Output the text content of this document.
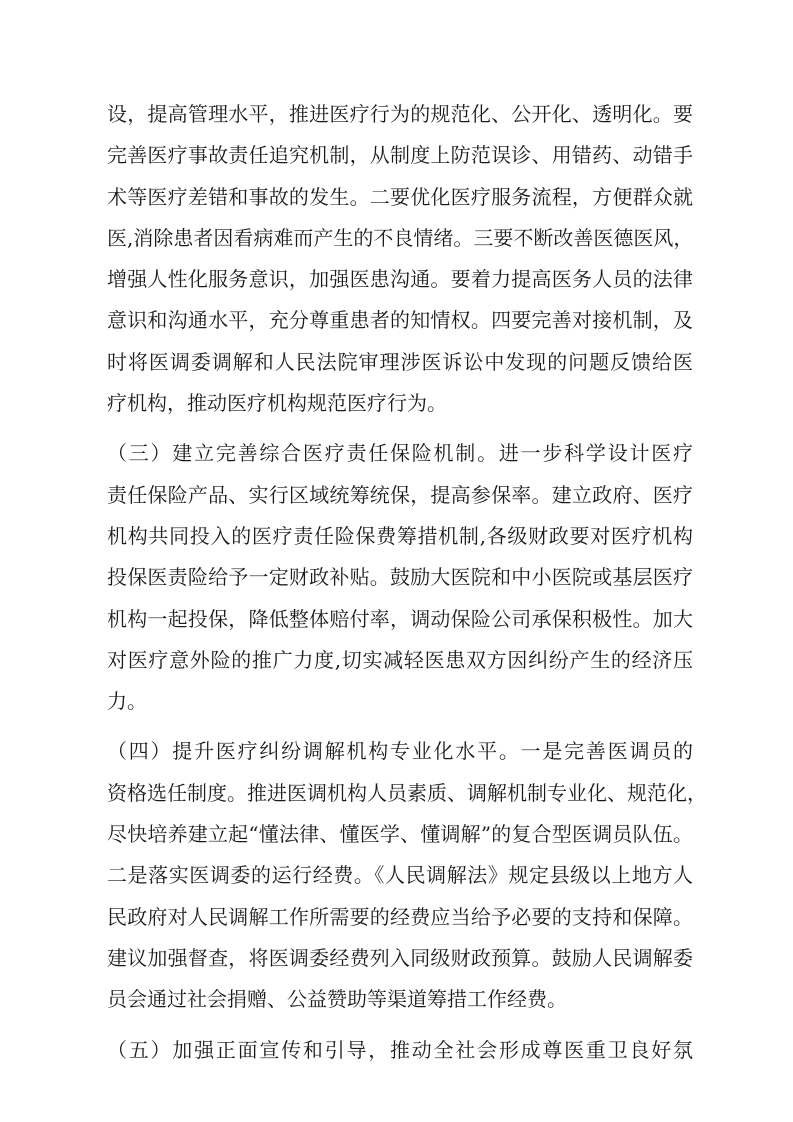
设，提高管理水平，推进医疗行为的规范化、公开化、透明化。要
完善医疗事故责任追究机制，从制度上防范误诊、用错药、动错手
术等医疗差错和事故的发生。二要优化医疗服务流程，方便群众就
医,消除患者因看病难而产生的不良情绪。三要不断改善医德医风，
增强人性化服务意识，加强医患沟通。要着力提高医务人员的法律
意识和沟通水平，充分尊重患者的知情权。四要完善对接机制，及
时将医调委调解和人民法院审理涉医诉讼中发现的问题反馈给医
疗机构，推动医疗机构规范医疗行为。
（三）建立完善综合医疗责任保险机制。进一步科学设计医疗
责任保险产品、实行区域统筹统保，提高参保率。建立政府、医疗
机构共同投入的医疗责任险保费筹措机制,各级财政要对医疗机构
投保医责险给予一定财政补贴。鼓励大医院和中小医院或基层医疗
机构一起投保，降低整体赔付率，调动保险公司承保积极性。加大
对医疗意外险的推广力度,切实减轻医患双方因纠纷产生的经济压
力。
（四）提升医疗纠纷调解机构专业化水平。一是完善医调员的
资格选任制度。推进医调机构人员素质、调解机制专业化、规范化，
尽快培养建立起“懂法律、懂医学、懂调解”的复合型医调员队伍。
二是落实医调委的运行经费。《人民调解法》规定县级以上地方人
民政府对人民调解工作所需要的经费应当给予必要的支持和保障。
建议加强督查，将医调委经费列入同级财政预算。鼓励人民调解委
员会通过社会捐赠、公益赞助等渠道筹措工作经费。
（五）加强正面宣传和引导，推动全社会形成尊医重卫良好氛
